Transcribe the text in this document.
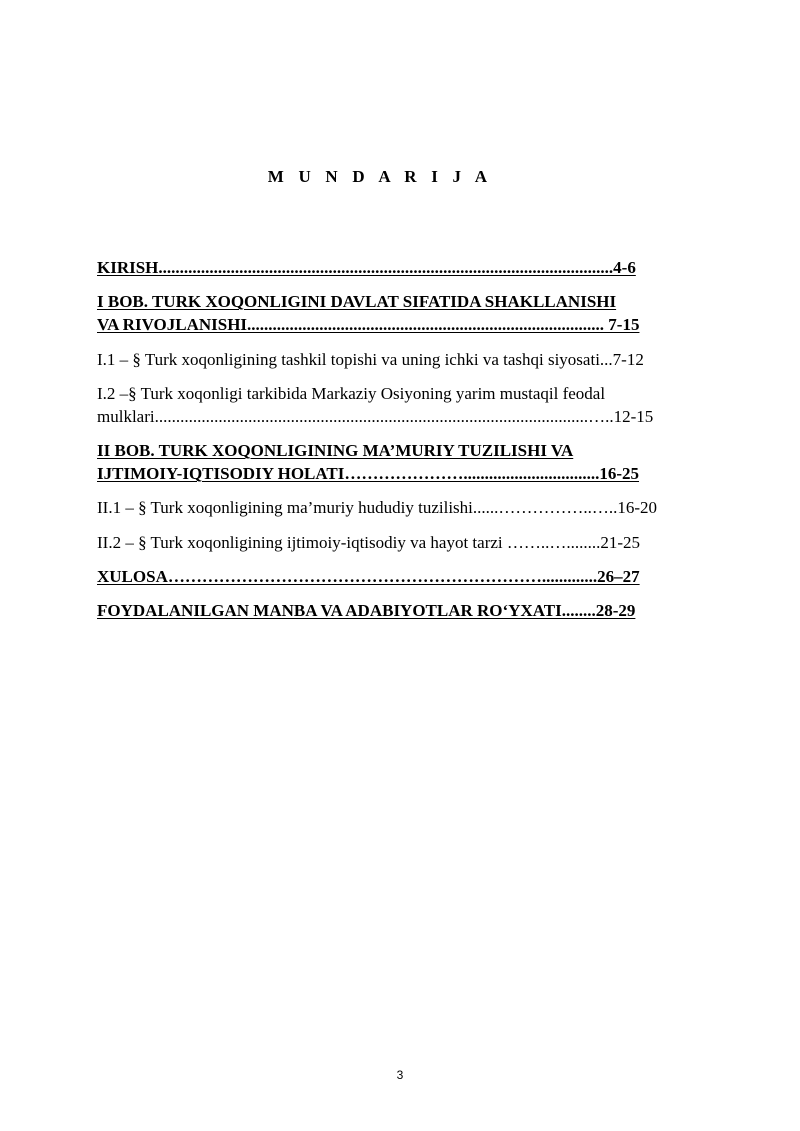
M U N D A R I J A
KIRISH...........................................................................................................4-6
I BOB. TURK XOQONLIGINI DAVLAT SIFATIDA SHAKLLANISHI
VA RIVOJLANISHI.................................................................................... 7-15
I.1 – § Turk xoqonligining tashkil topishi va uning ichki va tashqi siyosati...7-12
I.2 –§ Turk xoqonligi tarkibida Markaziy Osiyoning yarim mustaqil feodal
mulklari......................................................................................................…..12-15
II BOB. TURK XOQONLIGINING MA’MURIY TUZILISHI VA
IJTIMOIY-IQTISODIY HOLATI…………………................................16-25
II.1 – § Turk xoqonligining ma’muriy hududiy tuzilishi......……………..…..16-20
II.2 – § Turk xoqonligining ijtimoiy-iqtisodiy va hayot tarzi ……..…........21-25
XULOSA………………………………………………………….............26–27
FOYDALANILGAN MANBA VA ADABIYOTLAR RO‘YXATI........28-29
3
